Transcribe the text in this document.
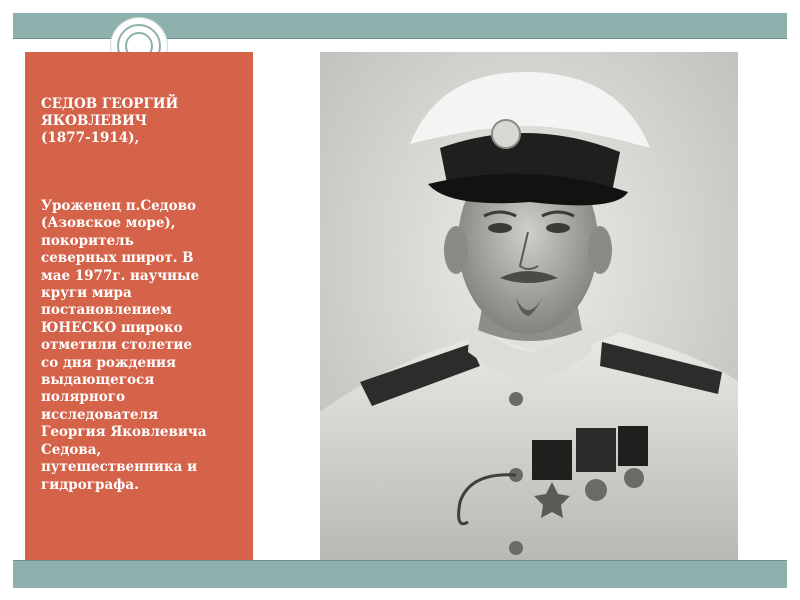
СЕДОВ ГЕОРГИЙ
ЯКОВЛЕВИЧ
(1877-1914),
Уроженец п.Седово
(Азовское море),
покоритель
северных широт. В
мае 1977г. научные
круги мира
постановлением
ЮНЕСКО широко
отметили столетие
со дня рождения
выдающегося
полярного
исследователя
Георгия Яковлевича
Седова,
путешественника и
гидрографа.
